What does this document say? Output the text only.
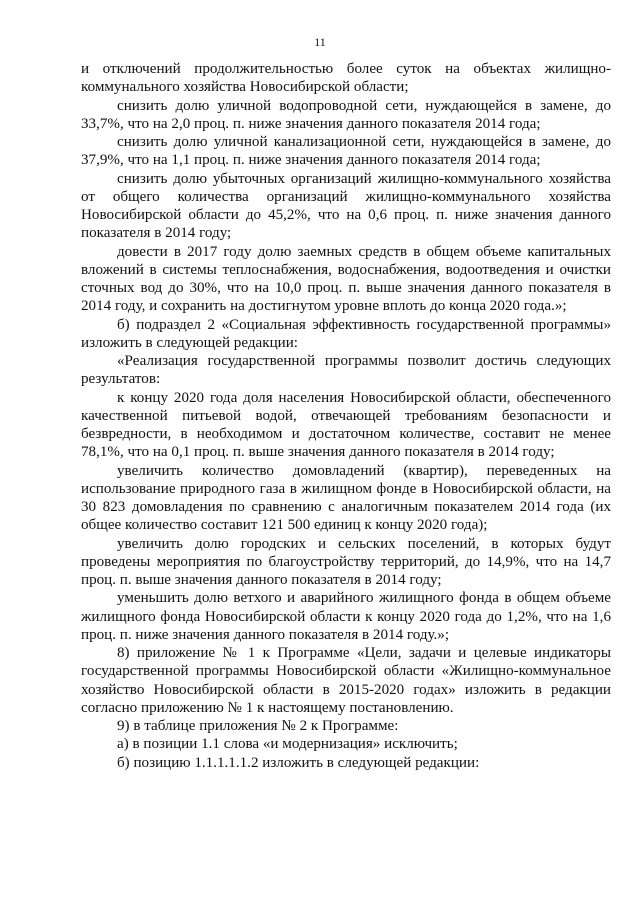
11

и отключений продолжительностью более суток на объектах жилищно-коммунального хозяйства Новосибирской области;

снизить долю уличной водопроводной сети, нуждающейся в замене, до 33,7%, что на 2,0 проц. п. ниже значения данного показателя 2014 года;

снизить долю уличной канализационной сети, нуждающейся в замене, до 37,9%, что на 1,1 проц. п. ниже значения данного показателя 2014 года;

снизить долю убыточных организаций жилищно-коммунального хозяйства от общего количества организаций жилищно-коммунального хозяйства Новосибирской области до 45,2%, что на 0,6 проц. п. ниже значения данного показателя в 2014 году;

довести в 2017 году долю заемных средств в общем объеме капитальных вложений в системы теплоснабжения, водоснабжения, водоотведения и очистки сточных вод до 30%, что на 10,0 проц. п. выше значения данного показателя в 2014 году, и сохранить на достигнутом уровне вплоть до конца 2020 года.»;

б) подраздел 2 «Социальная эффективность государственной программы» изложить в следующей редакции:

«Реализация государственной программы позволит достичь следующих результатов:

к концу 2020 года доля населения Новосибирской области, обеспеченного качественной питьевой водой, отвечающей требованиям безопасности и безвредности, в необходимом и достаточном количестве, составит не менее 78,1%, что на 0,1 проц. п. выше значения данного показателя в 2014 году;

увеличить количество домовладений (квартир), переведенных на использование природного газа в жилищном фонде в Новосибирской области, на 30 823 домовладения по сравнению с аналогичным показателем 2014 года (их общее количество составит 121 500 единиц к концу 2020 года);

увеличить долю городских и сельских поселений, в которых будут проведены мероприятия по благоустройству территорий, до 14,9%, что на 14,7 проц. п. выше значения данного показателя в 2014 году;

уменьшить долю ветхого и аварийного жилищного фонда в общем объеме жилищного фонда Новосибирской области к концу 2020 года до 1,2%, что на 1,6 проц. п. ниже значения данного показателя в 2014 году.»;

8) приложение № 1 к Программе «Цели, задачи и целевые индикаторы государственной программы Новосибирской области «Жилищно-коммунальное хозяйство Новосибирской области в 2015-2020 годах» изложить в редакции согласно приложению № 1 к настоящему постановлению.

9) в таблице приложения № 2 к Программе:

а) в позиции 1.1 слова «и модернизация» исключить;

б) позицию 1.1.1.1.1.2 изложить в следующей редакции:
